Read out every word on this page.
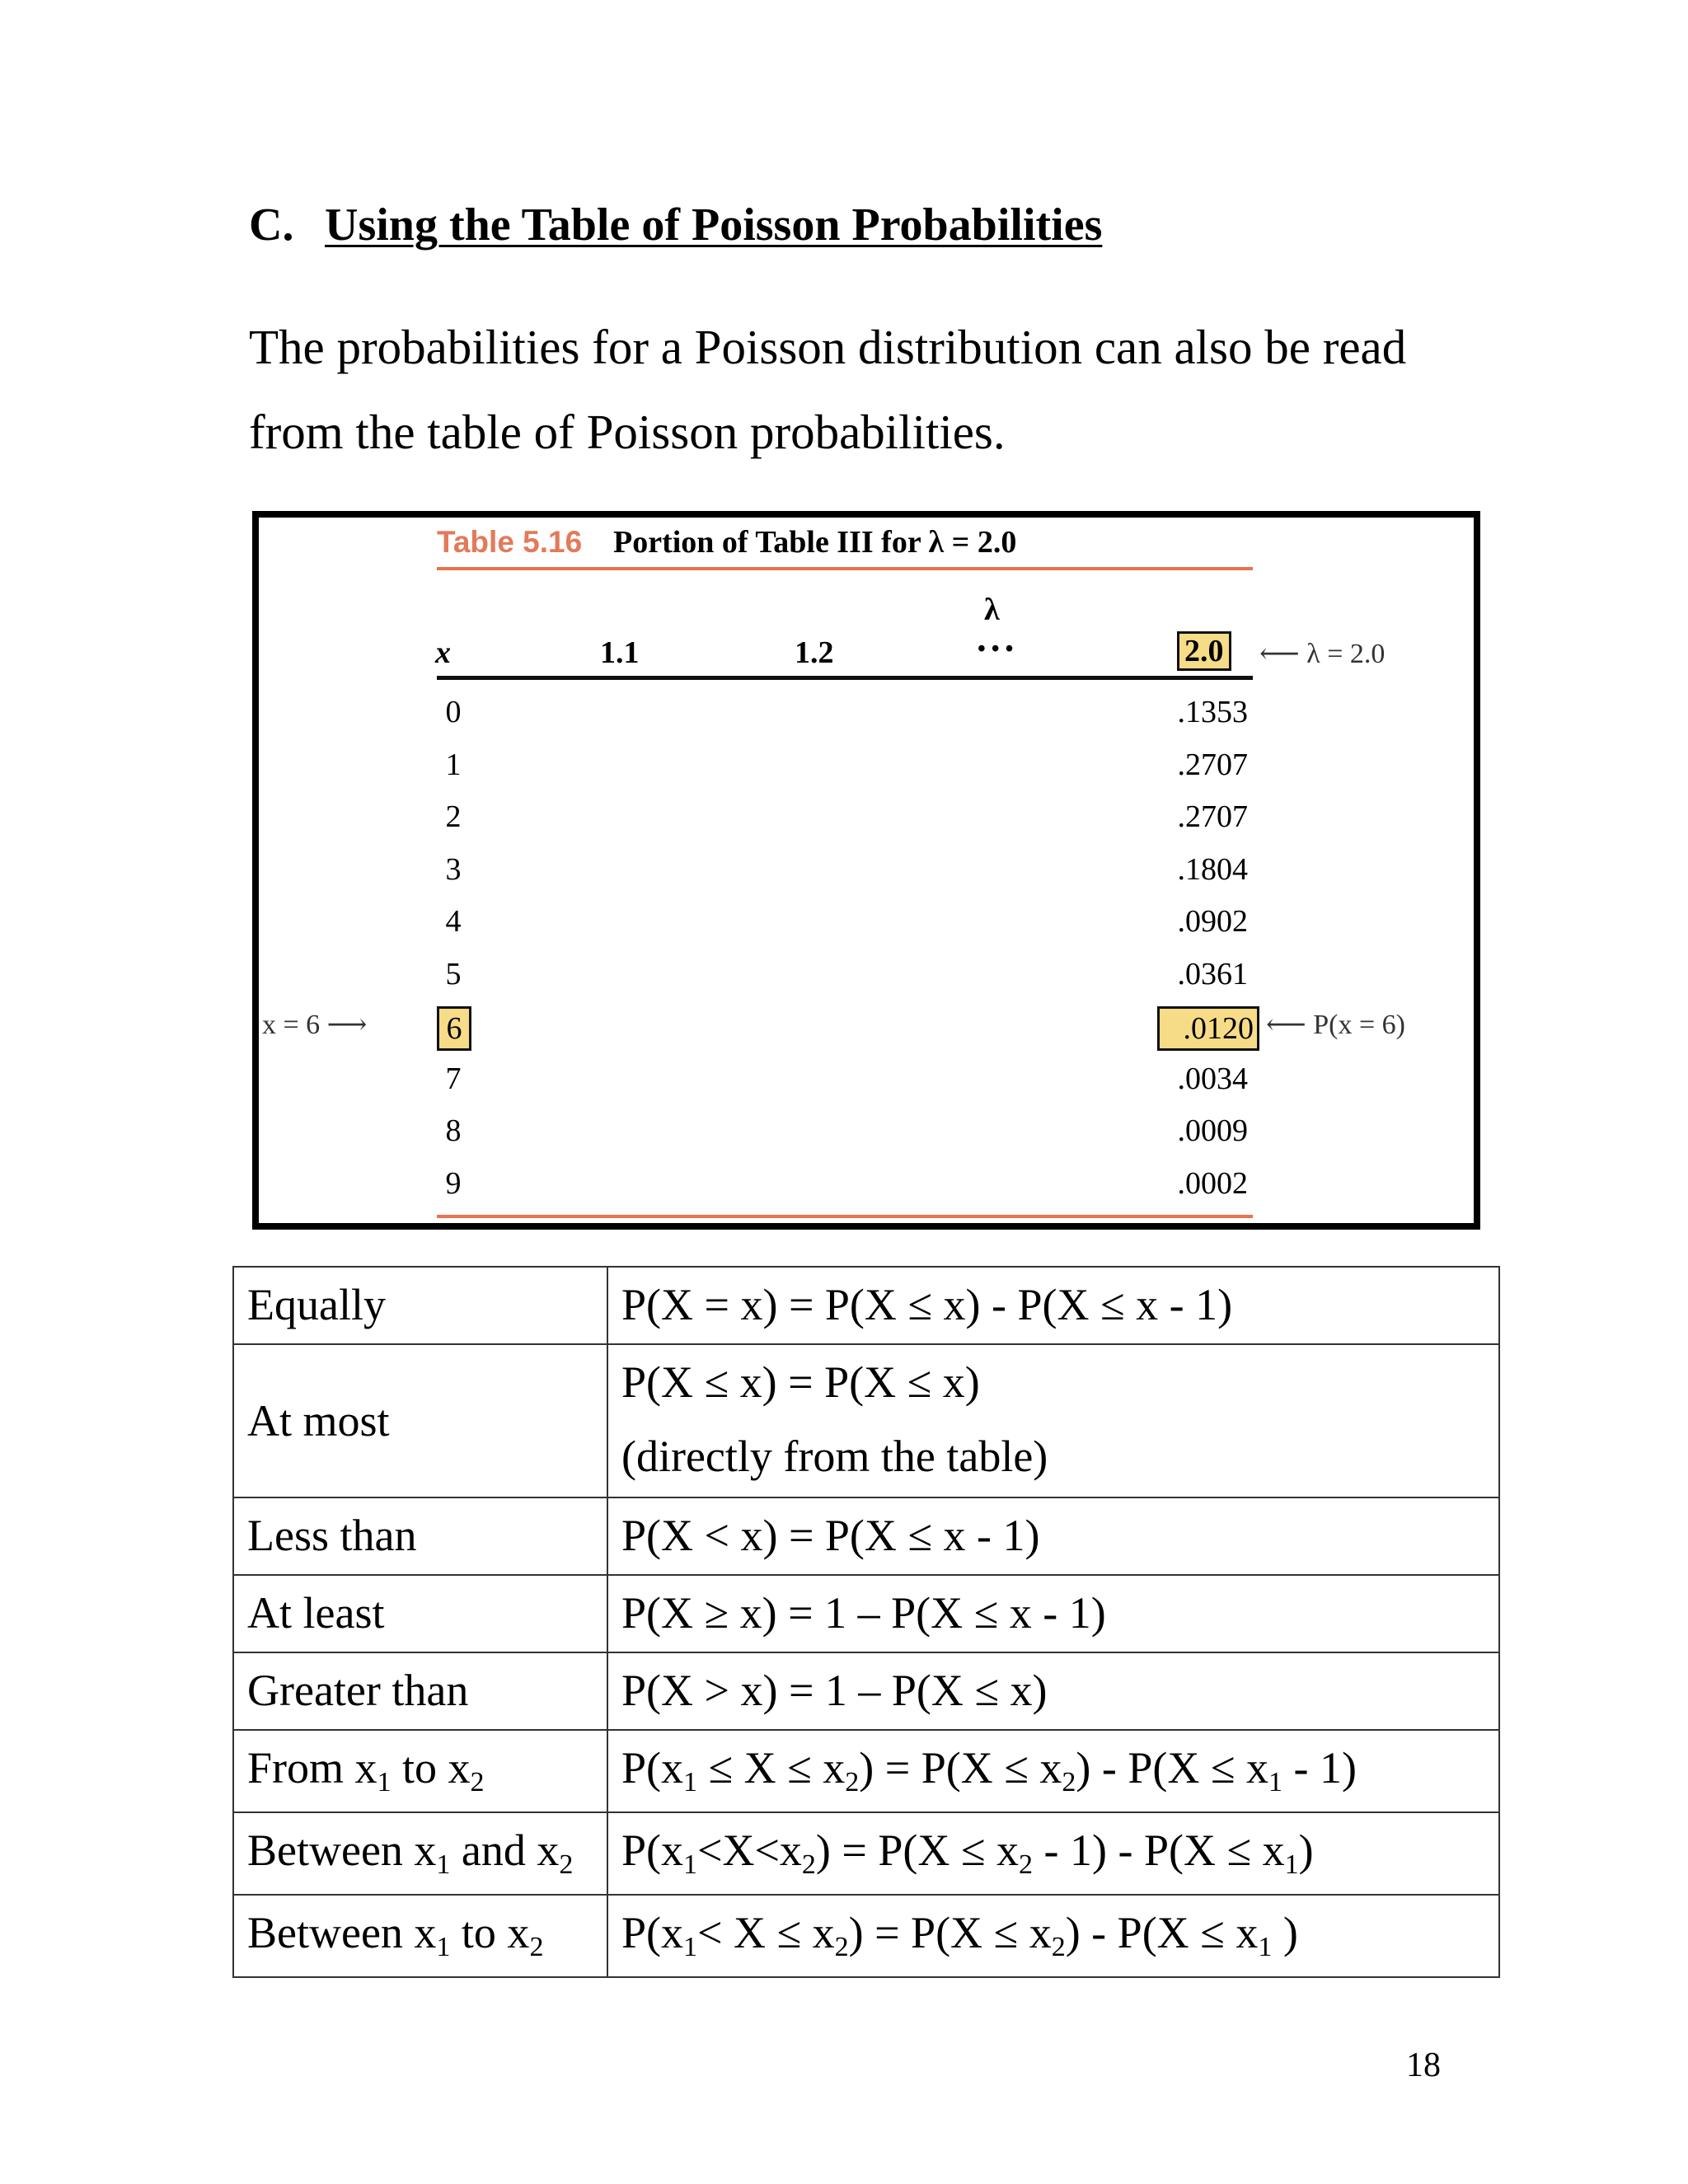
C. Using the Table of Poisson Probabilities

The probabilities for a Poisson distribution can also be read from the table of Poisson probabilities.

Table 5.16 Portion of Table III for λ = 2.0
λ
x	1.1	1.2	• • •	2.0 ⟵ λ = 2.0
0	.1353
1	.2707
2	.2707
3	.1804
4	.0902
5	.0361
6	.0120
7	.0034
8	.0009
9	.0002
x = 6 ⟶	⟵ P(x = 6)
Equally	P(X = x) = P(X ≤ x) - P(X ≤ x - 1)
At most	P(X ≤ x) = P(X ≤ x)
(directly from the table)

Less than	P(X < x) = P(X ≤ x - 1)
At least	P(X ≥ x) = 1 – P(X ≤ x - 1)
Greater than	P(X > x) = 1 – P(X ≤ x)
From x1 to x2	P(x1 ≤ X ≤ x2) = P(X ≤ x2) - P(X ≤ x1 - 1)
Between x1 and x2	P(x1<X<x2) = P(X ≤ x2 - 1) - P(X ≤ x1)
Between x1 to x2	P(x1< X ≤ x2) = P(X ≤ x2) - P(X ≤ x1 )
18
